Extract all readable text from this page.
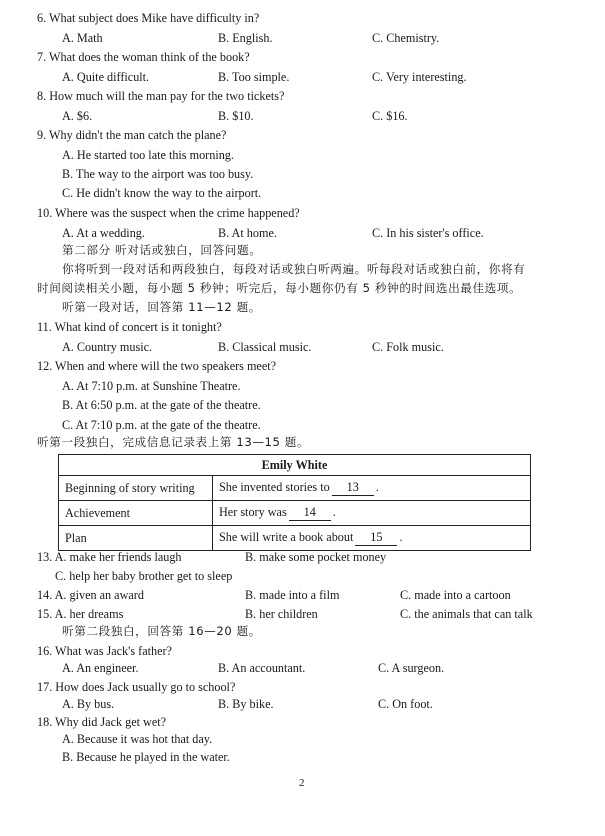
6. What subject does Mike have difficulty in?
A. Math	B. English.	C. Chemistry.
7. What does the woman think of the book?
A. Quite difficult.	B. Too simple.	C. Very interesting.
8. How much will the man pay for the two tickets?
A. $6.	B. $10.	C. $16.
9. Why didn't the man catch the plane?
A. He started too late this morning.
B. The way to the airport was too busy.
C. He didn't know the way to the airport.
10. Where was the suspect when the crime happened?
A. At a wedding.	B. At home.	C. In his sister's office.
第二部分 听对话或独白，回答问题。
你将听到一段对话和两段独白，每段对话或独白听两遍。听每段对话或独白前，你将有
时间阅读相关小题，每小题 5 秒钟；听完后，每小题你仍有 5 秒钟的时间选出最佳选项。
听第一段对话，回答第 11—12 题。
11. What kind of concert is it tonight?
A. Country music.	B. Classical music.	C. Folk music.
12. When and where will the two speakers meet?
A. At 7:10 p.m. at Sunshine Theatre.
B. At 6:50 p.m. at the gate of the theatre.
C. At 7:10 p.m. at the gate of the theatre.
听第一段独白，完成信息记录表上第 13—15 题。
Emily White	
Beginning of story writing	She invented stories to 13 .
Achievement	Her story was 14 .
Plan	She will write a book about 15 .
13. A. make her friends laugh	B. make some pocket money
C. help her baby brother get to sleep
14. A. given an award	B. made into a film	C. made into a cartoon
15. A. her dreams	B. her children	C. the animals that can talk
听第二段独白，回答第 16—20 题。
16. What was Jack's father?
A. An engineer.	B. An accountant.	C. A surgeon.
17. How does Jack usually go to school?
A. By bus.	B. By bike.	C. On foot.
18. Why did Jack get wet?
A. Because it was hot that day.
B. Because he played in the water.
2
